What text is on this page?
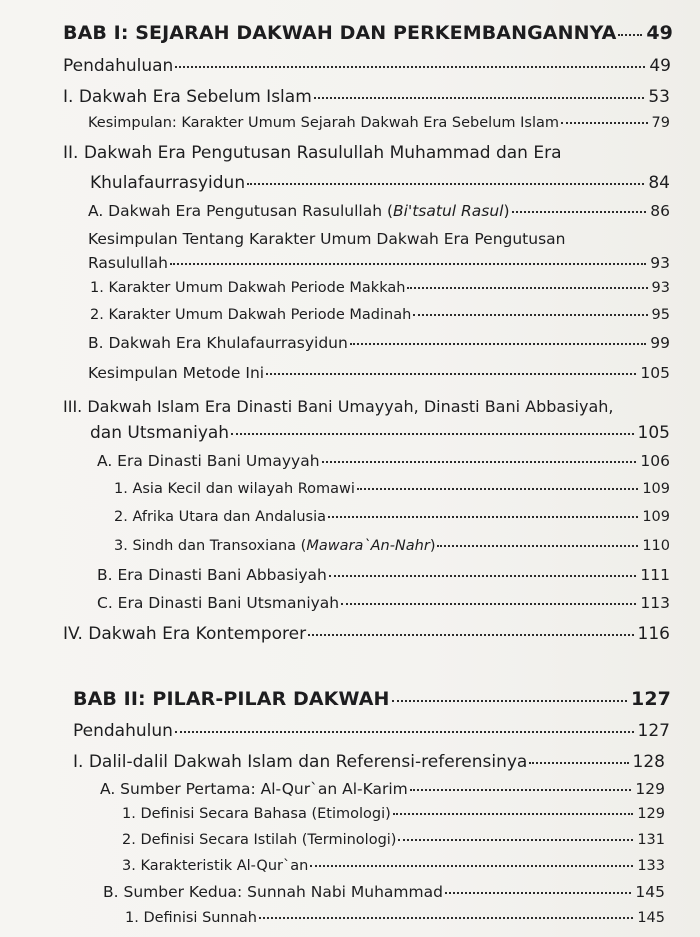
BAB I: SEJARAH DAKWAH DAN PERKEMBANGANNYA 49
Pendahuluan	49
I. Dakwah Era Sebelum Islam	53
Kesimpulan: Karakter Umum Sejarah Dakwah Era Sebelum Islam	79
II. Dakwah Era Pengutusan Rasulullah Muhammad dan Era
Khulafaurrasyidun	84
A. Dakwah Era Pengutusan Rasulullah (Bi'tsatul Rasul)	86
Kesimpulan Tentang Karakter Umum Dakwah Era Pengutusan
Rasulullah	93
1. Karakter Umum Dakwah Periode Makkah	93
2. Karakter Umum Dakwah Periode Madinah	95
B. Dakwah Era Khulafaurrasyidun	99
Kesimpulan Metode Ini	105
III. Dakwah Islam Era Dinasti Bani Umayyah, Dinasti Bani Abbasiyah,
dan Utsmaniyah	105
A. Era Dinasti Bani Umayyah	106
1. Asia Kecil dan wilayah Romawi	109
2. Afrika Utara dan Andalusia	109
3. Sindh dan Transoxiana (Mawara`An-Nahr)	110
B. Era Dinasti Bani Abbasiyah	111
C. Era Dinasti Bani Utsmaniyah	113
IV. Dakwah Era Kontemporer	116
BAB II: PILAR-PILAR DAKWAH	127
Pendahulun	127
I. Dalil-dalil Dakwah Islam dan Referensi-referensinya	128
A. Sumber Pertama: Al-Qur`an Al-Karim	129
1. Definisi Secara Bahasa (Etimologi)	129
2. Definisi Secara Istilah (Terminologi)	131
3. Karakteristik Al-Qur`an	133
B. Sumber Kedua: Sunnah Nabi Muhammad	145
1. Definisi Sunnah	145
